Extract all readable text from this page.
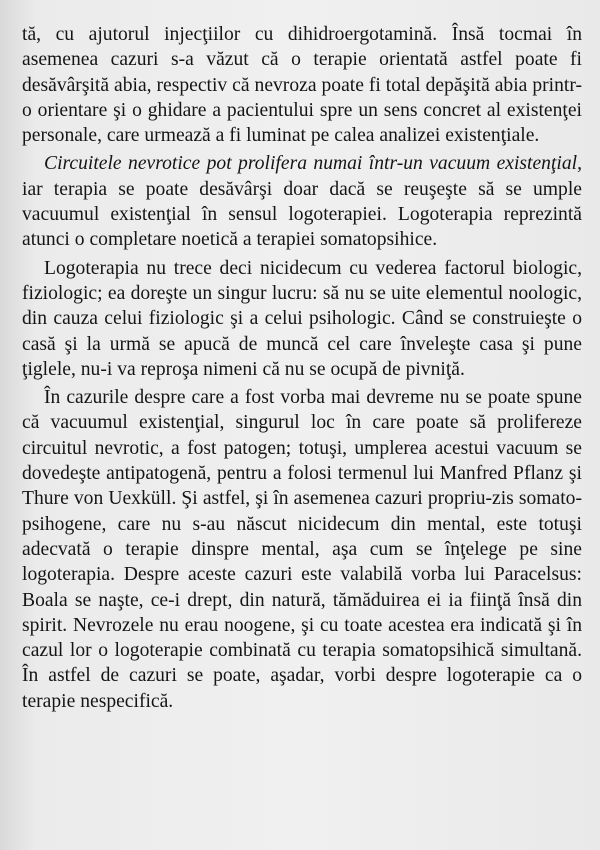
tă, cu ajutorul injecţiilor cu dihidroergotamină. Însă tocmai în asemenea cazuri s-a văzut că o terapie orientată astfel poate fi desăvârşită abia, respectiv că nevroza poate fi total depăşită abia printr-o orientare şi o ghidare a pacientului spre un sens concret al existenţei personale, care urmează a fi luminat pe calea analizei existenţiale.

Circuitele nevrotice pot prolifera numai într-un vacuum existenţial, iar terapia se poate desăvârşi doar dacă se reuşeşte să se umple vacuumul existenţial în sensul logoterapiei. Logoterapia reprezintă atunci o completare noetică a terapiei somatopsihice.

Logoterapia nu trece deci nicidecum cu vederea factorul biologic, fiziologic; ea doreşte un singur lucru: să nu se uite elementul noologic, din cauza celui fiziologic şi a celui psihologic. Când se construieşte o casă şi la urmă se apucă de muncă cel care înveleşte casa şi pune ţiglele, nu-i va reproşa nimeni că nu se ocupă de pivniţă.

În cazurile despre care a fost vorba mai devreme nu se poate spune că vacuumul existenţial, singurul loc în care poate să prolifereze circuitul nevrotic, a fost patogen; totuşi, umplerea acestui vacuum se dovedeşte antipatogenă, pentru a folosi termenul lui Manfred Pflanz şi Thure von Uexküll. Şi astfel, şi în asemenea cazuri propriu-zis somato-psihogene, care nu s-au născut nicidecum din mental, este totuşi adecvată o terapie dinspre mental, aşa cum se înţelege pe sine logoterapia. Despre aceste cazuri este valabilă vorba lui Paracelsus: Boala se naşte, ce-i drept, din natură, tămăduirea ei ia fiinţă însă din spirit. Nevrozele nu erau noogene, şi cu toate acestea era indicată şi în cazul lor o logoterapie combinată cu terapia somatopsihică simultană. În astfel de cazuri se poate, aşadar, vorbi despre logoterapie ca o terapie nespecifică.
